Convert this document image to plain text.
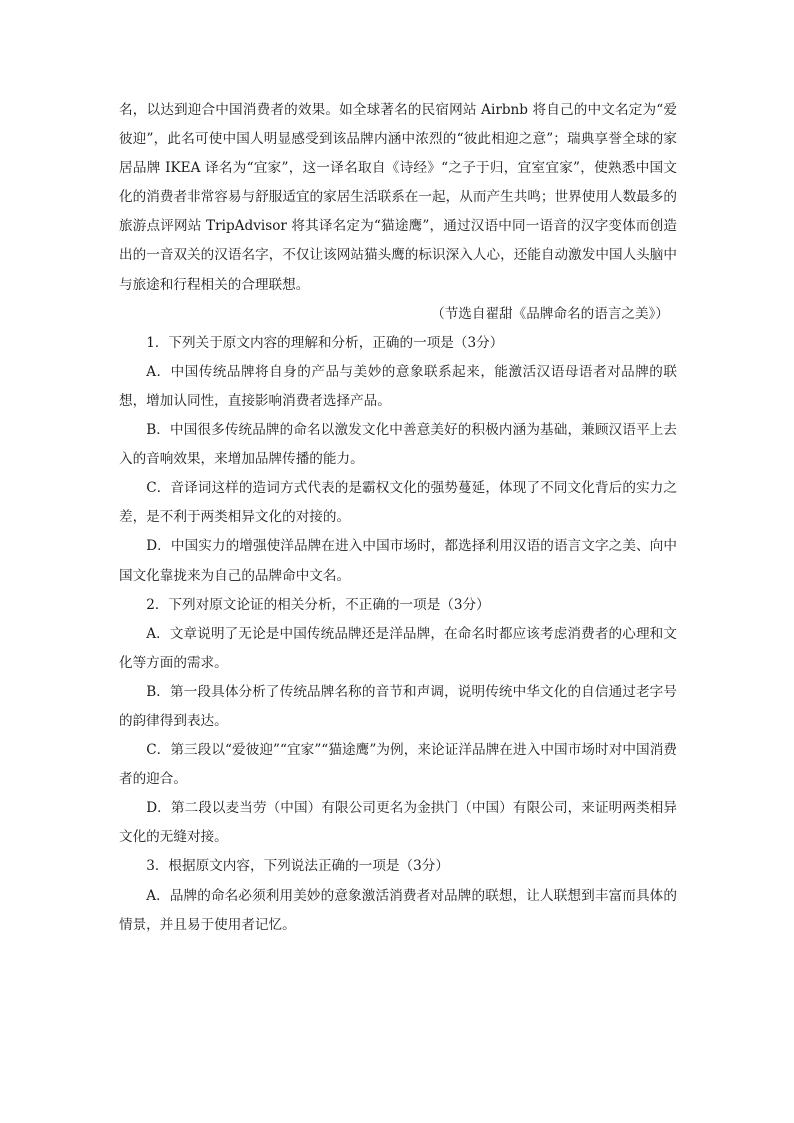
名，以达到迎合中国消费者的效果。如全球著名的民宿网站 Airbnb 将自己的中文名定为“爱彼迎”，此名可使中国人明显感受到该品牌内涵中浓烈的“彼此相迎之意”；瑞典享誉全球的家居品牌 IKEA 译名为“宜家”，这一译名取自《诗经》“之子于归，宜室宜家”，使熟悉中国文化的消费者非常容易与舒服适宜的家居生活联系在一起，从而产生共鸣；世界使用人数最多的旅游点评网站 TripAdvisor 将其译名定为“猫途鹰”，通过汉语中同一语音的汉字变体而创造出的一音双关的汉语名字，不仅让该网站猫头鹰的标识深入人心，还能自动激发中国人头脑中与旅途和行程相关的合理联想。

（节选自翟甜《品牌命名的语言之美》）

1．下列关于原文内容的理解和分析，正确的一项是（3分）

A．中国传统品牌将自身的产品与美妙的意象联系起来，能激活汉语母语者对品牌的联想，增加认同性，直接影响消费者选择产品。

B．中国很多传统品牌的命名以激发文化中善意美好的积极内涵为基础，兼顾汉语平上去入的音响效果，来增加品牌传播的能力。

C．音译词这样的造词方式代表的是霸权文化的强势蔓延，体现了不同文化背后的实力之差，是不利于两类相异文化的对接的。

D．中国实力的增强使洋品牌在进入中国市场时，都选择利用汉语的语言文字之美、向中国文化靠拢来为自己的品牌命中文名。

2．下列对原文论证的相关分析，不正确的一项是（3分）

A．文章说明了无论是中国传统品牌还是洋品牌，在命名时都应该考虑消费者的心理和文化等方面的需求。

B．第一段具体分析了传统品牌名称的音节和声调，说明传统中华文化的自信通过老字号的韵律得到表达。

C．第三段以“爱彼迎”“宜家”“猫途鹰”为例，来论证洋品牌在进入中国市场时对中国消费者的迎合。

D．第二段以麦当劳（中国）有限公司更名为金拱门（中国）有限公司，来证明两类相异文化的无缝对接。

3．根据原文内容，下列说法正确的一项是（3分）

A．品牌的命名必须利用美妙的意象激活消费者对品牌的联想，让人联想到丰富而具体的情景，并且易于使用者记忆。
